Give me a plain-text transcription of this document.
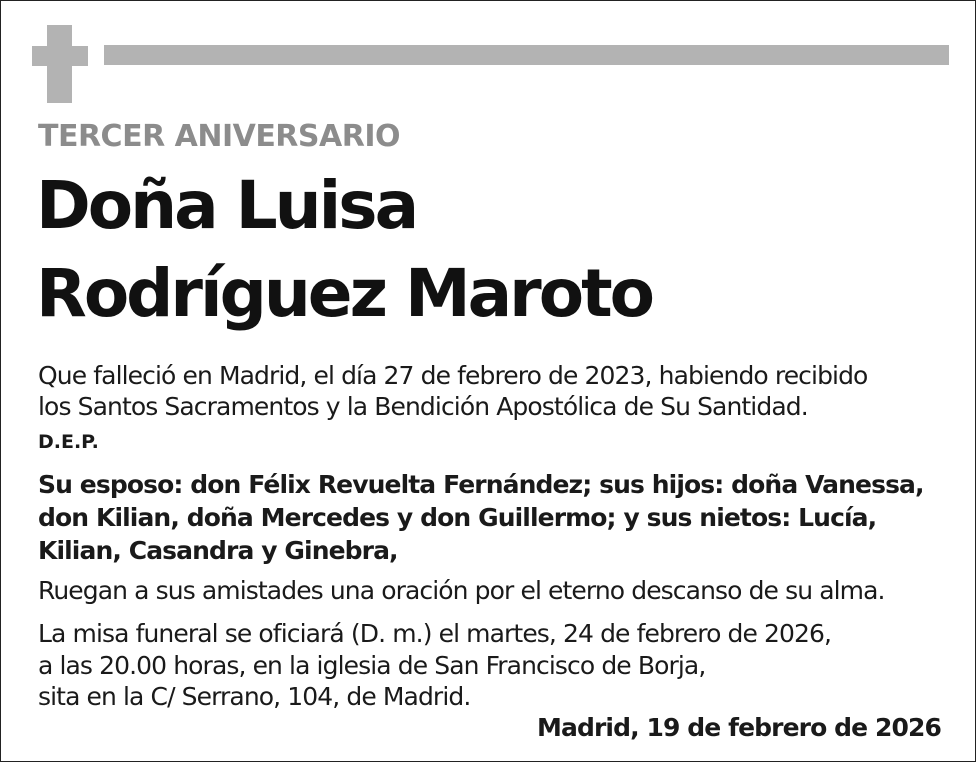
TERCER ANIVERSARIO
Doña Luisa
Rodríguez Maroto
Que falleció en Madrid, el día 27 de febrero de 2023, habiendo recibido
los Santos Sacramentos y la Bendición Apostólica de Su Santidad.
D.E.P.
Su esposo: don Félix Revuelta Fernández; sus hijos: doña Vanessa,
don Kilian, doña Mercedes y don Guillermo; y sus nietos: Lucía,
Kilian, Casandra y Ginebra,
Ruegan a sus amistades una oración por el eterno descanso de su alma.
La misa funeral se oficiará (D. m.) el martes, 24 de febrero de 2026,
a las 20.00 horas, en la iglesia de San Francisco de Borja,
sita en la C/ Serrano, 104, de Madrid.
Madrid, 19 de febrero de 2026
